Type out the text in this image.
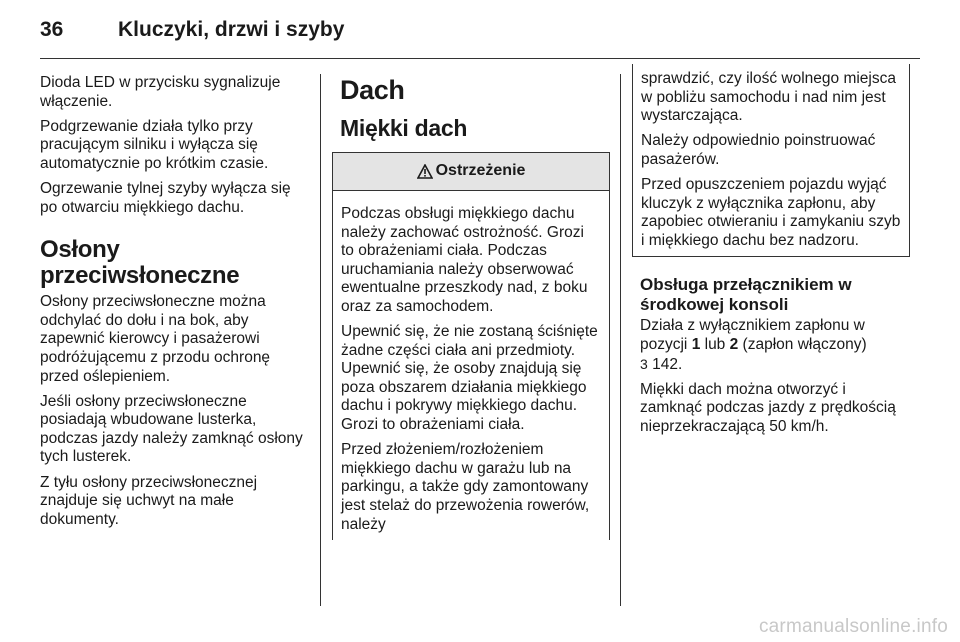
36	Kluczyki, drzwi i szyby

Dioda LED w przycisku sygnalizuje włączenie.

Podgrzewanie działa tylko przy pracującym silniku i wyłącza się automatycznie po krótkim czasie.

Ogrzewanie tylnej szyby wyłącza się po otwarciu miękkiego dachu.

Osłony przeciwsłoneczne

Osłony przeciwsłoneczne można odchylać do dołu i na bok, aby zapewnić kierowcy i pasażerowi podróżującemu z przodu ochronę przed oślepieniem.

Jeśli osłony przeciwsłoneczne posiadają wbudowane lusterka, podczas jazdy należy zamknąć osłony tych lusterek.

Z tyłu osłony przeciwsłonecznej znajduje się uchwyt na małe dokumenty.

Dach
Miękki dach
Ostrzeżenie

Podczas obsługi miękkiego dachu należy zachować ostrożność. Grozi to obrażeniami ciała. Podczas uruchamiania należy obserwować ewentualne przeszkody nad, z boku oraz za samochodem.

Upewnić się, że nie zostaną ściśnięte żadne części ciała ani przedmioty. Upewnić się, że osoby znajdują się poza obszarem działania miękkiego dachu i pokrywy miękkiego dachu. Grozi to obrażeniami ciała.

Przed złożeniem/rozłożeniem miękkiego dachu w garażu lub na parkingu, a także gdy zamontowany jest stelaż do przewożenia rowerów, należy

sprawdzić, czy ilość wolnego miejsca w pobliżu samochodu i nad nim jest wystarczająca.

Należy odpowiednio poinstruować pasażerów.

Przed opuszczeniem pojazdu wyjąć kluczyk z wyłącznika zapłonu, aby zapobiec otwieraniu i zamykaniu szyb i miękkiego dachu bez nadzoru.

Obsługa przełącznikiem w środkowej konsoli

Działa z wyłącznikiem zapłonu w pozycji 1 lub 2 (zapłon włączony)
3 142.

Miękki dach można otworzyć i zamknąć podczas jazdy z prędkością nieprzekraczającą 50 km/h.

carmanualsonline.info
